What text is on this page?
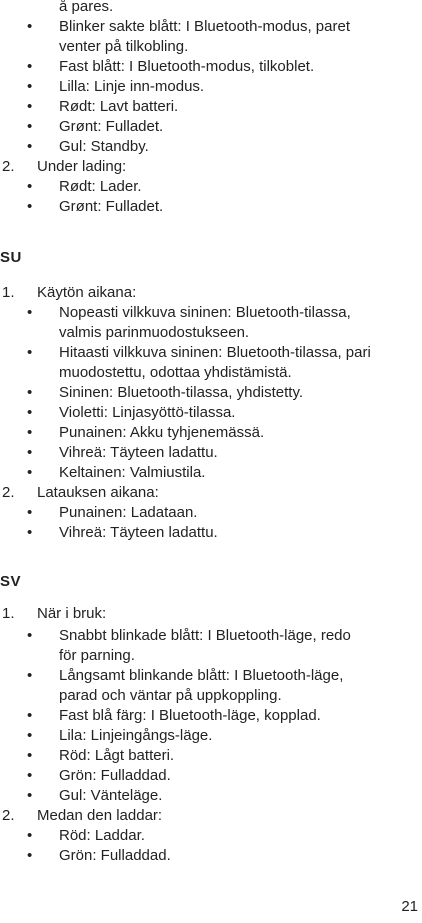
å pares.
• Blinker sakte blått: I Bluetooth-modus, paret
venter på tilkobling.
• Fast blått: I Bluetooth-modus, tilkoblet.
• Lilla: Linje inn-modus.
• Rødt: Lavt batteri.
• Grønt: Fulladet.
• Gul: Standby.
2. Under lading:
• Rødt: Lader.
• Grønt: Fulladet.
SU
1. Käytön aikana:
• Nopeasti vilkkuva sininen: Bluetooth-tilassa,
valmis parinmuodostukseen.
• Hitaasti vilkkuva sininen: Bluetooth-tilassa, pari
muodostettu, odottaa yhdistämistä.
• Sininen: Bluetooth-tilassa, yhdistetty.
• Violetti: Linjasyöttö-tilassa.
• Punainen: Akku tyhjenemässä.
• Vihreä: Täyteen ladattu.
• Keltainen: Valmiustila.
2. Latauksen aikana:
• Punainen: Ladataan.
• Vihreä: Täyteen ladattu.
SV
1. När i bruk:
• Snabbt blinkade blått: I Bluetooth-läge, redo
för parning.
• Långsamt blinkande blått: I Bluetooth-läge,
parad och väntar på uppkoppling.
• Fast blå färg: I Bluetooth-läge, kopplad.
• Lila: Linjeingångs-läge.
• Röd: Lågt batteri.
• Grön: Fulladdad.
• Gul: Vänteläge.
2. Medan den laddar:
• Röd: Laddar.
• Grön: Fulladdad.
21
